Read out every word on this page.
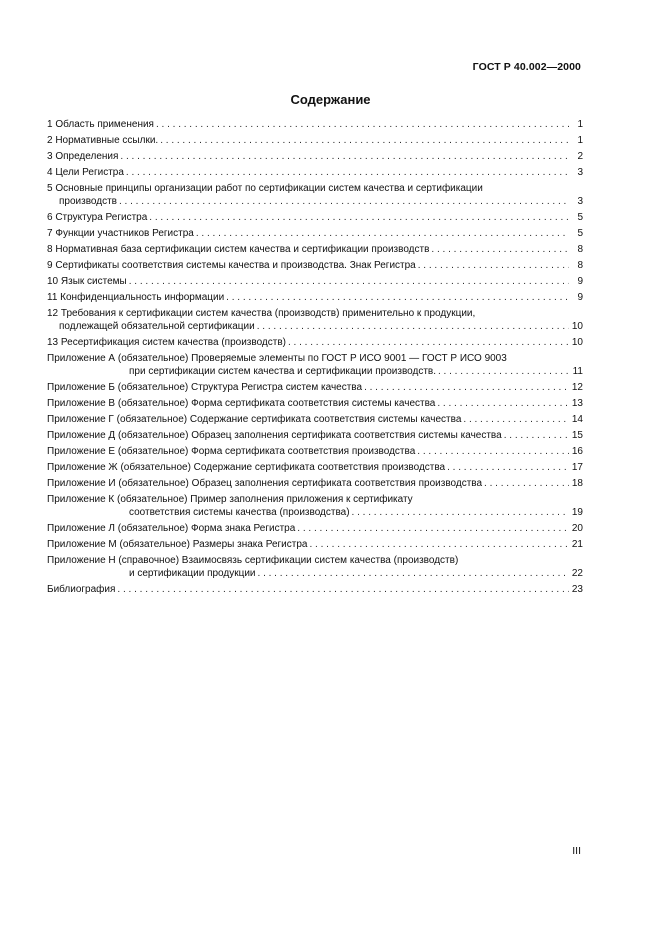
ГОСТ Р 40.002—2000
Содержание
1 Область применения . . .	1
2 Нормативные ссылки. . . .	1
3 Определения . . .	2
4 Цели Регистра . . .	3
5 Основные принципы организации работ по сертификации систем качества и сертификации
производств . . .	3
6 Структура Регистра . . .	5
7 Функции участников Регистра . . .	5
8 Нормативная база сертификации систем качества и сертификации производств . . .	8
9 Сертификаты соответствия системы качества и производства. Знак Регистра . . .	8
10 Язык системы . . .	9
11 Конфиденциальность информации . . .	9
12 Требования к сертификации систем качества (производств) применительно к продукции,
подлежащей обязательной сертификации . . .	10
13 Ресертификация систем качества (производств) . . .	10
Приложение А (обязательное) Проверяемые элементы по ГОСТ Р ИСО 9001 — ГОСТ Р ИСО 9003
при сертификации систем качества и сертификации производств. . . .	11
Приложение Б (обязательное) Структура Регистра систем качества . . .	12
Приложение В (обязательное) Форма сертификата соответствия системы качества . . .	13
Приложение Г (обязательное) Содержание сертификата соответствия системы качества . . .	14
Приложение Д (обязательное) Образец заполнения сертификата соответствия системы качества . . .	15
Приложение Е (обязательное) Форма сертификата соответствия производства . . .	16
Приложение Ж (обязательное) Содержание сертификата соответствия производства . . .	17
Приложение И (обязательное) Образец заполнения сертификата соответствия производства . . .	18
Приложение К (обязательное) Пример заполнения приложения к сертификату
соответствия системы качества (производства) . . .	19
Приложение Л (обязательное) Форма знака Регистра . . .	20
Приложение М (обязательное) Размеры знака Регистра . . .	21
Приложение Н (справочное) Взаимосвязь сертификации систем качества (производств)
и сертификации продукции . . .	22
Библиография . . .	23
III
